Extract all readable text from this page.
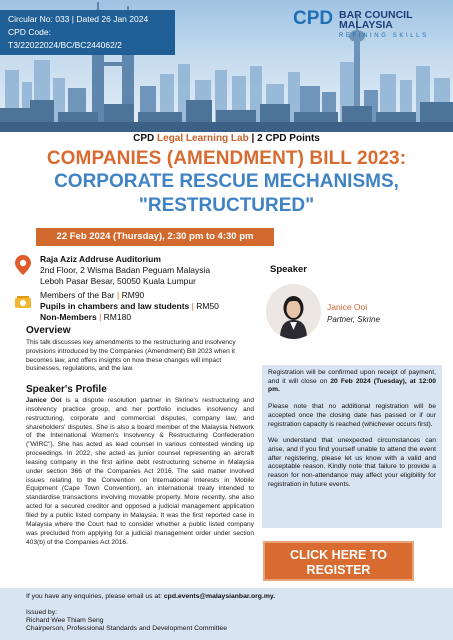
Circular No: 033 | Dated 26 Jan 2024
CPD Code: T3/22022024/BC/BC244062/2
CPD BAR COUNCIL
MALAYSIA
REFINING SKILLS
CPD Legal Learning Lab | 2 CPD Points
COMPANIES (AMENDMENT) BILL 2023:
CORPORATE RESCUE MECHANISMS,
"RESTRUCTURED"
22 Feb 2024 (Thursday), 2:30 pm to 4:30 pm
Raja Aziz Addruse Auditorium
2nd Floor, 2 Wisma Badan Peguam Malaysia
Leboh Pasar Besar, 50050 Kuala Lumpur
Members of the Bar | RM90
Pupils in chambers and law students | RM50
Non-Members | RM180
Speaker
Janice Ooi
Partner, Skrine
Overview
This talk discusses key amendments to the restructuring and insolvency provisions introduced by the Companies (Amendment) Bill 2023 when it becomes law, and offers insights on how these changes will impact businesses, regulations, and the law.
Speaker's Profile
Janice Ooi is a dispute resolution partner in Skrine's restructuring and insolvency practice group, and her portfolio includes insolvency and restructuring, corporate and commercial disputes, company law, and shareholders' disputes. She is also a board member of the Malaysia Network of the International Women's Insolvency & Restructuring Confederation ("WIRC"). She has acted as lead counsel in various contested winding up proceedings. In 2022, she acted as junior counsel representing an aircraft leasing company in the first airline debt restructuring scheme in Malaysia under section 366 of the Companies Act 2016. The said matter involved issues relating to the Convention on International Interests in Mobile Equipment (Cape Town Convention), an international treaty intended to standardise transactions involving movable property. More recently, she also acted for a secured creditor and opposed a judicial management application filed by a public listed company in Malaysia. It was the first reported case in Malaysia where the Court had to consider whether a public listed company was precluded from applying for a judicial management order under section 403(b) of the Companies Act 2016.

Registration will be confirmed upon receipt of payment, and it will close on 20 Feb 2024 (Tuesday), at 12:00 pm.

Please note that no additional registration will be accepted once the closing date has passed or if our registration capacity is reached (whichever occurs first).

We understand that unexpected circumstances can arise, and if you find yourself unable to attend the event after registering, please let us know with a valid and acceptable reason. Kindly note that failure to provide a reason for non-attendance may affect your eligibility for registration in future events.

CLICK HERE TO
REGISTER
If you have any enquiries, please email us at: cpd.events@malaysianbar.org.my.
Issued by:
Richard Wee Thiam Seng
Chairperson, Professional Standards and Development Committee
